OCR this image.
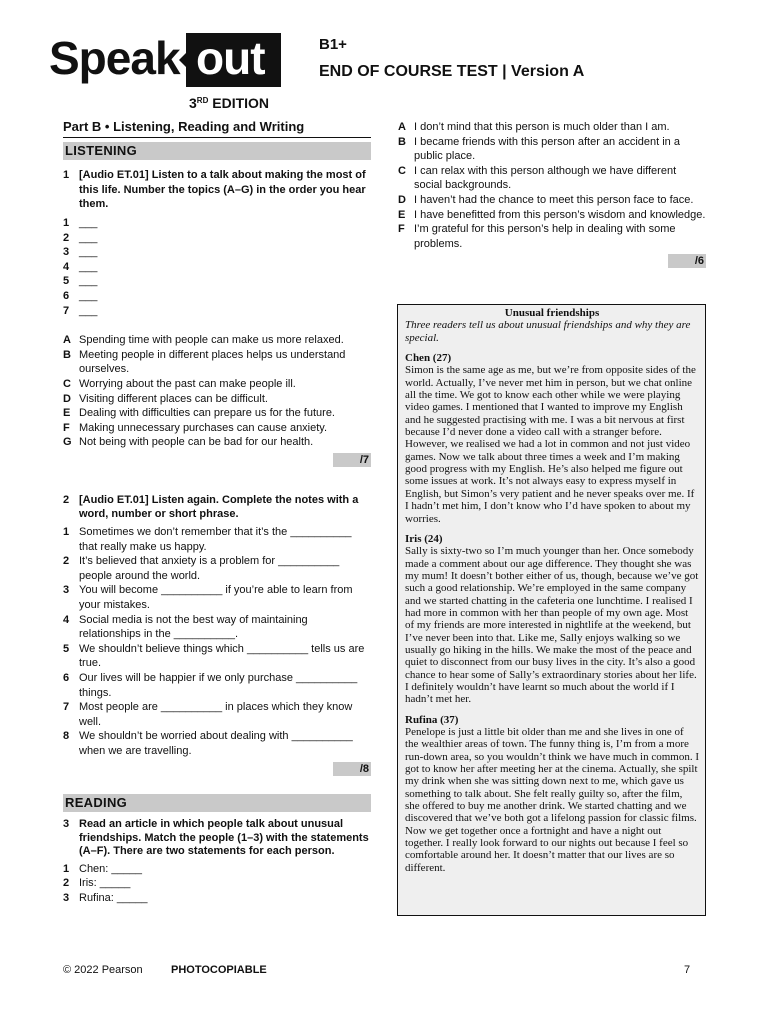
Speak out
3RD EDITION
B1+
END OF COURSE TEST | Version A
Part B • Listening, Reading and Writing
LISTENING
1 [Audio ET.01] Listen to a talk about making the most of this life. Number the topics (A–G) in the order you hear them.
1 ___
2 ___
3 ___
4 ___
5 ___
6 ___
7 ___
A Spending time with people can make us more relaxed.
B Meeting people in different places helps us understand ourselves.
C Worrying about the past can make people ill.
D Visiting different places can be difficult.
E Dealing with difficulties can prepare us for the future.
F Making unnecessary purchases can cause anxiety.
G Not being with people can be bad for our health.
/7
2 [Audio ET.01] Listen again. Complete the notes with a word, number or short phrase.
1 Sometimes we don’t remember that it’s the __________ that really make us happy.
2 It’s believed that anxiety is a problem for __________ people around the world.
3 You will become __________ if you’re able to learn from your mistakes.
4 Social media is not the best way of maintaining relationships in the __________.
5 We shouldn’t believe things which __________ tells us are true.
6 Our lives will be happier if we only purchase __________ things.
7 Most people are __________ in places which they know well.
8 We shouldn’t be worried about dealing with __________ when we are travelling.
/8
READING
3 Read an article in which people talk about unusual friendships. Match the people (1–3) with the statements (A–F). There are two statements for each person.
1 Chen: _____
2 Iris: _____
3 Rufina: _____
A I don’t mind that this person is much older than I am.
B I became friends with this person after an accident in a public place.
C I can relax with this person although we have different social backgrounds.
D I haven’t had the chance to meet this person face to face.
E I have benefitted from this person’s wisdom and knowledge.
F I’m grateful for this person’s help in dealing with some problems.
/6
Unusual friendships
Three readers tell us about unusual friendships and why they are special.
Chen (27)
Simon is the same age as me, but we’re from opposite sides of the world. Actually, I’ve never met him in person, but we chat online all the time. We got to know each other while we were playing video games. I mentioned that I wanted to improve my English and he suggested practising with me. I was a bit nervous at first because I’d never done a video call with a stranger before. However, we realised we had a lot in common and not just video games. Now we talk about three times a week and I’m making good progress with my English. He’s also helped me figure out some issues at work. It’s not always easy to express myself in English, but Simon’s very patient and he never speaks over me. If I hadn’t met him, I don’t know who I’d have spoken to about my worries.
Iris (24)
Sally is sixty-two so I’m much younger than her. Once somebody made a comment about our age difference. They thought she was my mum! It doesn’t bother either of us, though, because we’ve got such a good relationship. We’re employed in the same company and we started chatting in the cafeteria one lunchtime. I realised I had more in common with her than people of my own age. Most of my friends are more interested in nightlife at the weekend, but I’ve never been into that. Like me, Sally enjoys walking so we usually go hiking in the hills. We make the most of the peace and quiet to disconnect from our busy lives in the city. It’s also a good chance to hear some of Sally’s extraordinary stories about her life. I definitely wouldn’t have learnt so much about the world if I hadn’t met her.
Rufina (37)
Penelope is just a little bit older than me and she lives in one of the wealthier areas of town. The funny thing is, I’m from a more run-down area, so you wouldn’t think we have much in common. I got to know her after meeting her at the cinema. Actually, she spilt my drink when she was sitting down next to me, which gave us something to talk about. She felt really guilty so, after the film, she offered to buy me another drink. We started chatting and we discovered that we’ve both got a lifelong passion for classic films. Now we get together once a fortnight and have a night out together. I really look forward to our nights out because I feel so comfortable around her. It doesn’t matter that our lives are so different.
© 2022 Pearson	PHOTOCOPIABLE	7
